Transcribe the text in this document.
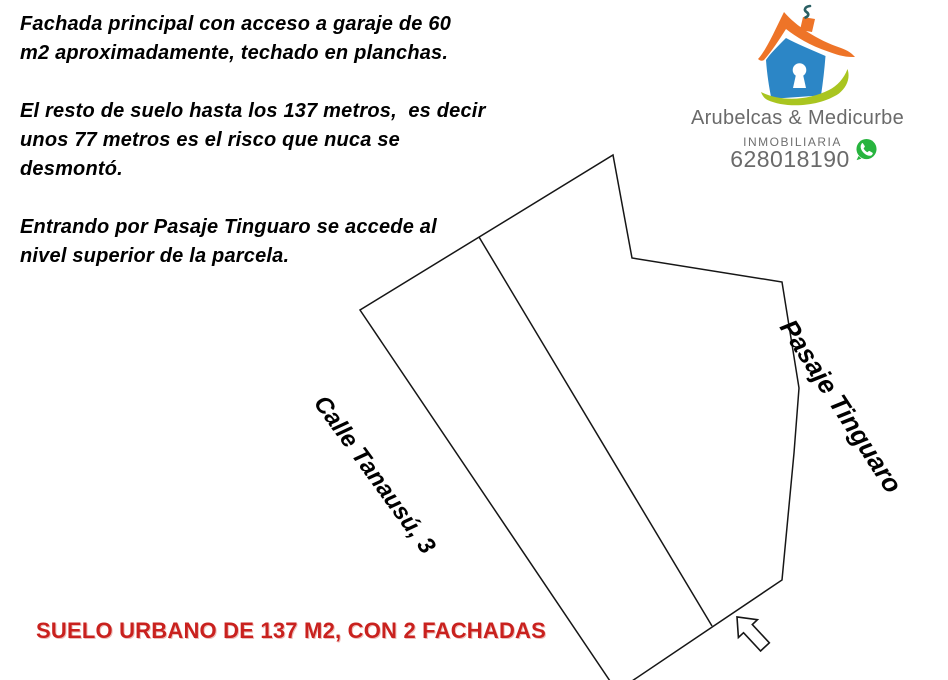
Fachada principal con acceso a garaje de 60
m2 aproximadamente, techado en planchas.
El resto de suelo hasta los 137 metros,  es decir
unos 77 metros es el risco que nuca se
desmontó.
Entrando por Pasaje Tinguaro se accede al
nivel superior de la parcela.
Arubelcas & Medicurbe
INMOBILIARIA
628018190
Calle Tanausú, 3	Pasaje Tinguaro
SUELO URBANO DE 137 M2, CON 2 FACHADAS
